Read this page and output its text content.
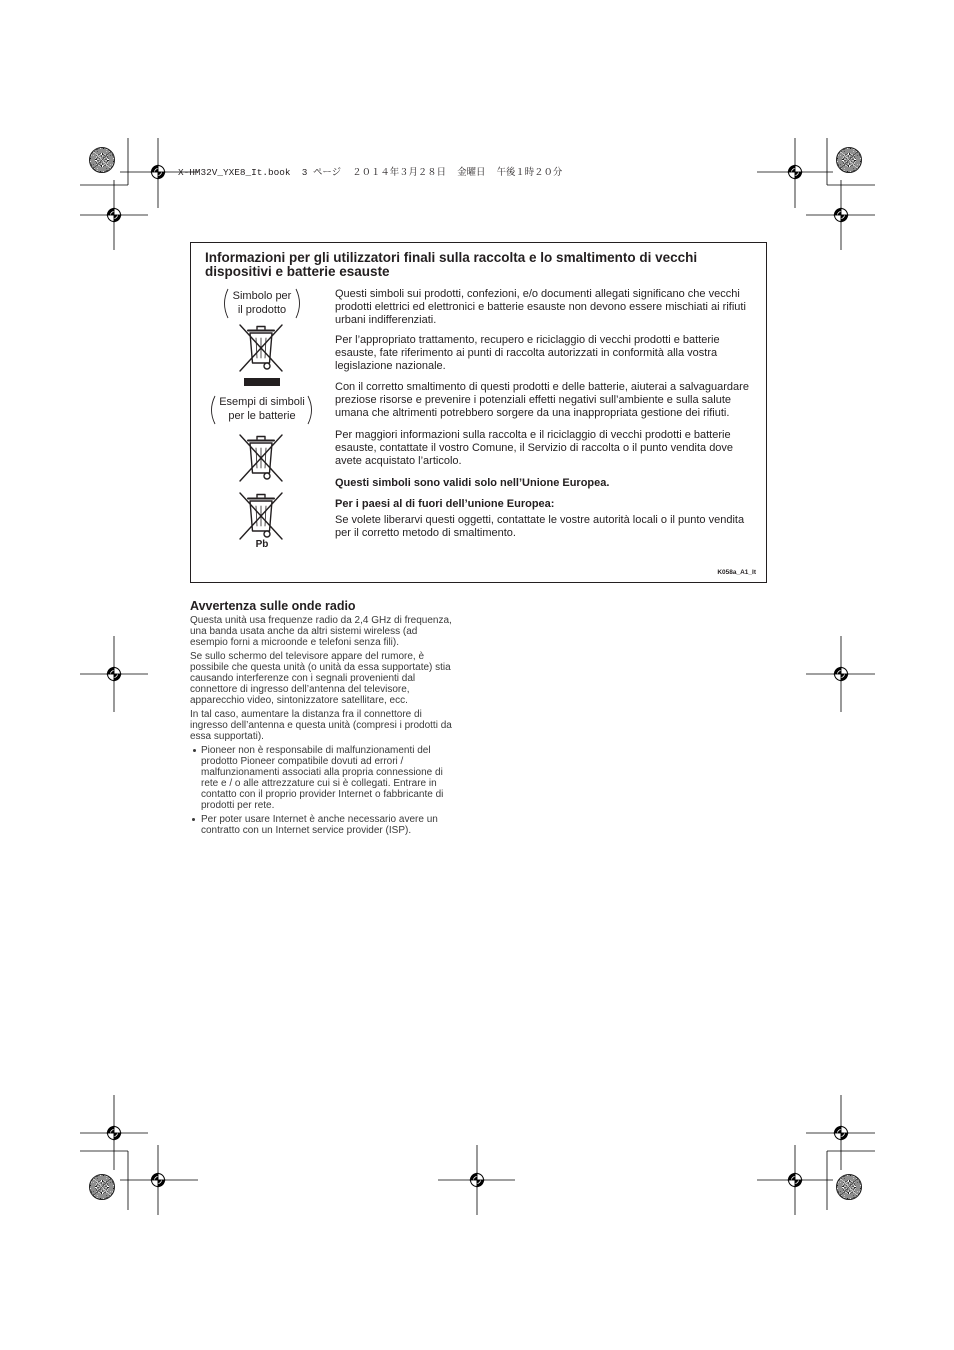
X-HM32V_YXE8_It.book  3 ページ  ２０１４年３月２８日  金曜日  午後１時２０分
Informazioni per gli utilizzatori finali sulla raccolta e lo smaltimento di vecchi
dispositivi e batterie esauste
Simbolo per
il prodotto
Esempi di simboli
per le batterie
Pb
Questi simboli sui prodotti, confezioni, e/o documenti allegati significano che vecchi
prodotti elettrici ed elettronici e batterie esauste non devono essere mischiati ai rifiuti
urbani indifferenziati.
Per l’appropriato trattamento, recupero e riciclaggio di vecchi prodotti e batterie
esauste, fate riferimento ai punti di raccolta autorizzati in conformità alla vostra
legislazione nazionale.
Con il corretto smaltimento di questi prodotti e delle batterie, aiuterai a salvaguardare
preziose risorse e prevenire i potenziali effetti negativi sull’ambiente e sulla salute
umana che altrimenti potrebbero sorgere da una inappropriata gestione dei rifiuti.
Per maggiori informazioni sulla raccolta e il riciclaggio di vecchi prodotti e batterie
esauste, contattate il vostro Comune, il Servizio di raccolta o il punto vendita dove
avete acquistato l’articolo.
Questi simboli sono validi solo nell’Unione Europea.
Per i paesi al di fuori dell’unione Europea:
Se volete liberarvi questi oggetti, contattate le vostre autorità locali o il punto vendita
per il corretto metodo di smaltimento.
K058a_A1_It
Avvertenza sulle onde radio
Questa unità usa frequenze radio da 2,4 GHz di frequenza,
una banda usata anche da altri sistemi wireless (ad
esempio forni a microonde e telefoni senza fili).
Se sullo schermo del televisore appare del rumore, è
possibile che questa unità (o unità da essa supportate) stia
causando interferenze con i segnali provenienti dal
connettore di ingresso dell’antenna del televisore,
apparecchio video, sintonizzatore satellitare, ecc.
In tal caso, aumentare la distanza fra il connettore di
ingresso dell’antenna e questa unità (compresi i prodotti da
essa supportati).
Pioneer non è responsabile di malfunzionamenti del
prodotto Pioneer compatibile dovuti ad errori /
malfunzionamenti associati alla propria connessione di
rete e / o alle attrezzature cui si è collegati. Entrare in
contatto con il proprio provider Internet o fabbricante di
prodotti per rete.
Per poter usare Internet è anche necessario avere un
contratto con un Internet service provider (ISP).
